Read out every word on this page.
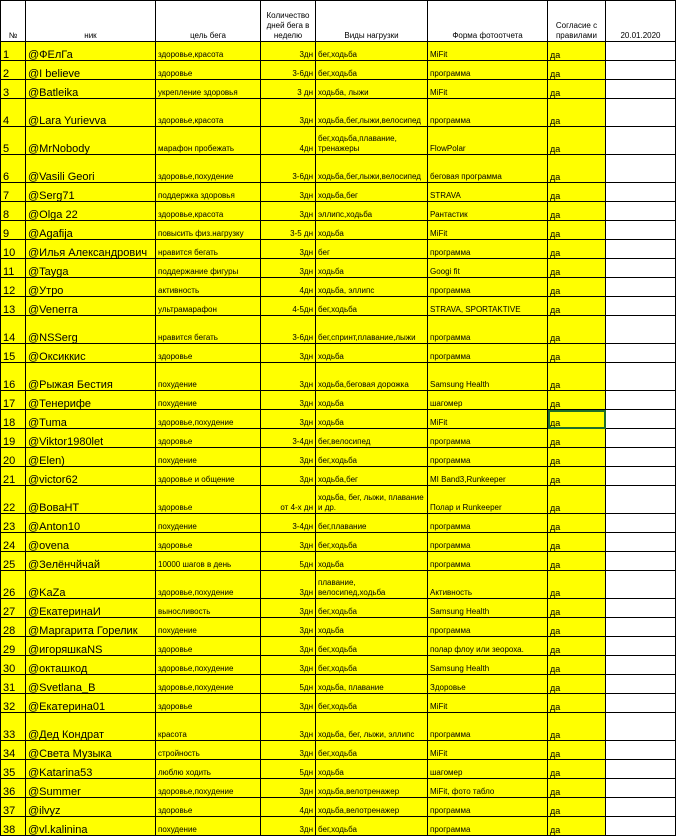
№	ник	цель бега	Количество дней бега в неделю	Виды нагрузки	Форма фотоотчета	Согласие с правилами	20.01.2020
1	@ФЕлГа	здоровье,красота	3дн	бег,ходьба	MiFit	да	
2	@I believe	здоровье	3-6дн	бег,ходьба	программа	да	
3	@Batleika	укрепление здоровья	3 дн	ходьба, лыжи	MiFit	да	
4	@Lara Yurievva	здоровье,красота	3дн	ходьба,бег,лыжи,велосипед	программа	да	
5	@MrNobody	марафон пробежать	4дн	бег,ходьба,плавание, тренажеры	FlowPolar	да	
6	@Vasili Geori	здоровье,похудение	3-6дн	ходьба,бег,лыжи,велосипед	беговая программа	да	
7	@Serg71	поддержка здоровья	3дн	ходьба,бег	STRAVA	да	
8	@Olga 22	здоровье,красота	3дн	эллипс,ходьба	Рантастик	да	
9	@Agafija	повысить физ.нагрузку	3-5 дн	ходьба	MiFit	да	
10	@Илья Александрович	нравится бегать	3дн	бег	программа	да	
11	@Tayga	поддержание фигуры	3дн	ходьба	Googi fit	да	
12	@Утро	активность	4дн	ходьба, эллипс	программа	да	
13	@Venerra	ультрамарафон	4-5дн	бег,ходьба	STRAVA, SPORTAKTIVE	да	
14	@NSSerg	нравится бегать	3-6дн	бег,спринт,плавание,лыжи	программа	да	
15	@Оксиккис	здоровье	3дн	ходьба	программа	да	
16	@Рыжая Бестия	похудение	3дн	ходьба,беговая дорожка	Samsung Health	да	
17	@Тенерифе	похудение	3дн	ходьба	шагомер	да	
18	@Tuma	здоровье,похудение	3дн	ходьба	MiFit	да	
19	@Viktor1980let	здоровье	3-4дн	бег,велосипед	программа	да	
20	@Elen)	похудение	3дн	бег,ходьба	программа	да	
21	@victor62	здоровье и общение	3дн	ходьба,бег	MI Band3,Runkeeper	да	
22	@ВоваНТ	здоровье	от 4-х дн	ходьба, бег, лыжи, плавание и др.	Полар и Runkeeper	да	
23	@Anton10	похудение	3-4дн	бег,плавание	программа	да	
24	@ovena	здоровье	3дн	бег,ходьба	программа	да	
25	@Зелёнчйчай	10000 шагов в день	5дн	ходьба	программа	да	
26	@KaZa	здоровье,похудение	3дн	плавание, велосипед,ходьба	Активность	да	
27	@ЕкатеринаИ	выносливость	3дн	бег,ходьба	Samsung Health	да	
28	@Маргарита Горелик	похудение	3дн	ходьба	программа	да	
29	@игоряшкаNS	здоровье	3дн	бег,ходьба	полар флоу или зеороха.	да	
30	@окташкод	здоровье,похудение	3дн	бег,ходьба	Samsung Health	да	
31	@Svetlana_B	здоровье,похудение	5дн	ходьба, плавание	Здоровье	да	
32	@Екатерина01	здоровье	3дн	бег,ходьба	MiFit	да	
33	@Дед Кондрат	красота	3дн	ходьба, бег, лыжи, эллипс	программа	да	
34	@Света Музыка	стройность	3дн	бег,ходьба	MiFit	да	
35	@Katarina53	люблю ходить	5дн	ходьба	шагомер	да	
36	@Summer	здоровье,похудение	3дн	ходьба,велотренажер	MiFit, фото табло	да	
37	@ilvyz	здоровье	4дн	ходьба,велотренажер	программа	да	
38	@vl.kalinina	похудение	3дн	бег,ходьба	программа	да	
